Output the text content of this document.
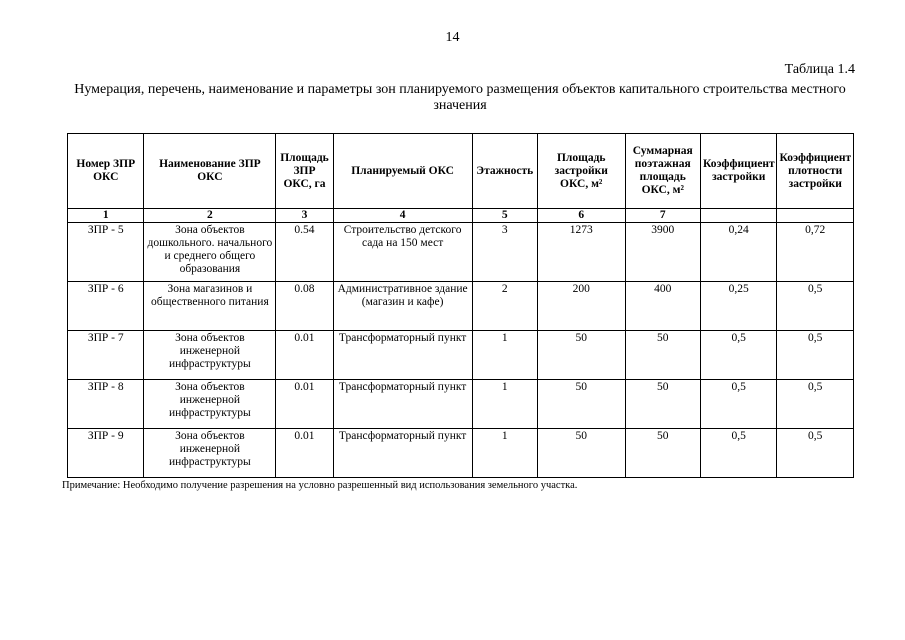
14
Таблица 1.4
Нумерация, перечень, наименование и параметры зон планируемого размещения объектов капитального строительства местного значения
Номер ЗПР ОКС	Наименование ЗПР ОКС	Площадь ЗПР ОКС, га	Планируемый ОКС	Этажность	Площадь застройки ОКС, м²	Суммарная поэтажная площадь ОКС, м²	Коэффициент застройки	Коэффициент плотности застройки
1	2	3	4	5	6	7		
ЗПР - 5	Зона объектов дошкольного. начального и среднего общего образования	0.54	Строительство детского сада на 150 мест	3	1273	3900	0,24	0,72
ЗПР - 6	Зона магазинов и общественного питания	0.08	Административное здание (магазин и кафе)	2	200	400	0,25	0,5
ЗПР - 7	Зона объектов инженерной инфраструктуры	0.01	Трансформаторный пункт	1	50	50	0,5	0,5
ЗПР - 8	Зона объектов инженерной инфраструктуры	0.01	Трансформаторный пункт	1	50	50	0,5	0,5
ЗПР - 9	Зона объектов инженерной инфраструктуры	0.01	Трансформаторный пункт	1	50	50	0,5	0,5
Примечание: Необходимо получение разрешения на условно разрешенный вид использования земельного участка.
